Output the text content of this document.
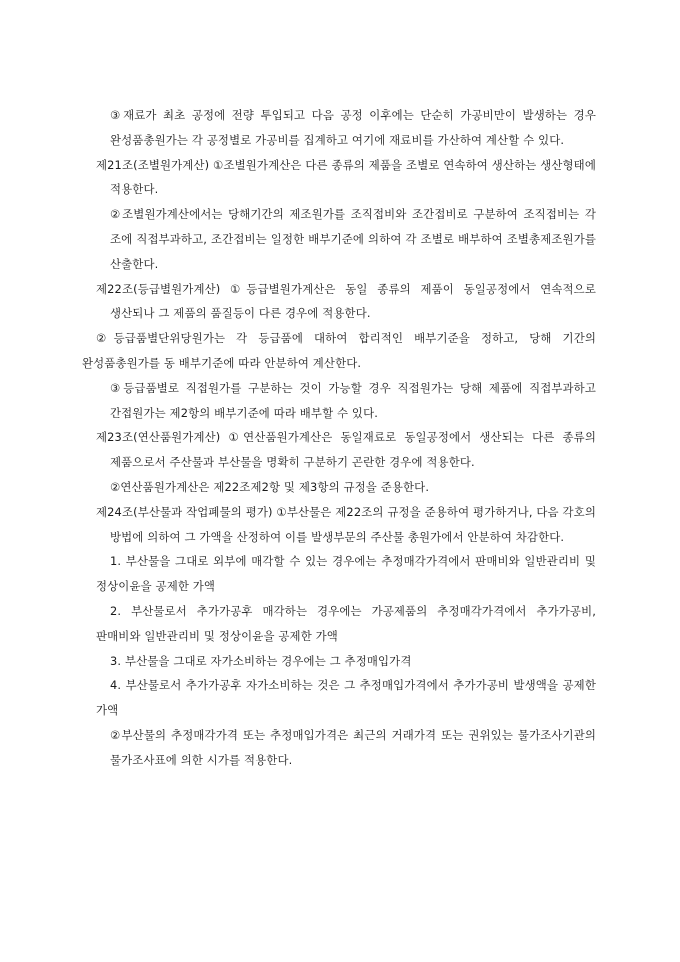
③재료가 최초 공정에 전량 투입되고 다음 공정 이후에는 단순히 가공비만이 발생하는 경우 완성품총원가는 각 공정별로 가공비를 집계하고 여기에 재료비를 가산하여 계산할 수 있다.

제21조(조별원가계산) ①조별원가계산은 다른 종류의 제품을 조별로 연속하여 생산하는 생산형태에 적용한다.

②조별원가계산에서는 당해기간의 제조원가를 조직접비와 조간접비로 구분하여 조직접비는 각 조에 직접부과하고, 조간접비는 일정한 배부기준에 의하여 각 조별로 배부하여 조별총제조원가를 산출한다.

제22조(등급별원가계산) ①등급별원가계산은 동일 종류의 제품이 동일공정에서 연속적으로 생산되나 그 제품의 품질등이 다른 경우에 적용한다.

②등급품별단위당원가는 각 등급품에 대하여 합리적인 배부기준을 정하고, 당해 기간의 완성품총원가를 동 배부기준에 따라 안분하여 계산한다.

③등급품별로 직접원가를 구분하는 것이 가능할 경우 직접원가는 당해 제품에 직접부과하고 간접원가는 제2항의 배부기준에 따라 배부할 수 있다.

제23조(연산품원가계산) ①연산품원가계산은 동일재료로 동일공정에서 생산되는 다른 종류의 제품으로서 주산물과 부산물을 명확히 구분하기 곤란한 경우에 적용한다.

②연산품원가계산은 제22조제2항 및 제3항의 규정을 준용한다.

제24조(부산물과 작업폐물의 평가) ①부산물은 제22조의 규정을 준용하여 평가하거나, 다음 각호의 방법에 의하여 그 가액을 산정하여 이를 발생부문의 주산물 총원가에서 안분하여 차감한다.

1. 부산물을 그대로 외부에 매각할 수 있는 경우에는 추정매각가격에서 판매비와 일반관리비 및 정상이윤을 공제한 가액

2. 부산물로서 추가가공후 매각하는 경우에는 가공제품의 추정매각가격에서 추가가공비, 판매비와 일반관리비 및 정상이윤을 공제한 가액

3. 부산물을 그대로 자가소비하는 경우에는 그 추정매입가격

4. 부산물로서 추가가공후 자가소비하는 것은 그 추정매입가격에서 추가가공비 발생액을 공제한 가액

②부산물의 추정매각가격 또는 추정매입가격은 최근의 거래가격 또는 권위있는 물가조사기관의 물가조사표에 의한 시가를 적용한다.
